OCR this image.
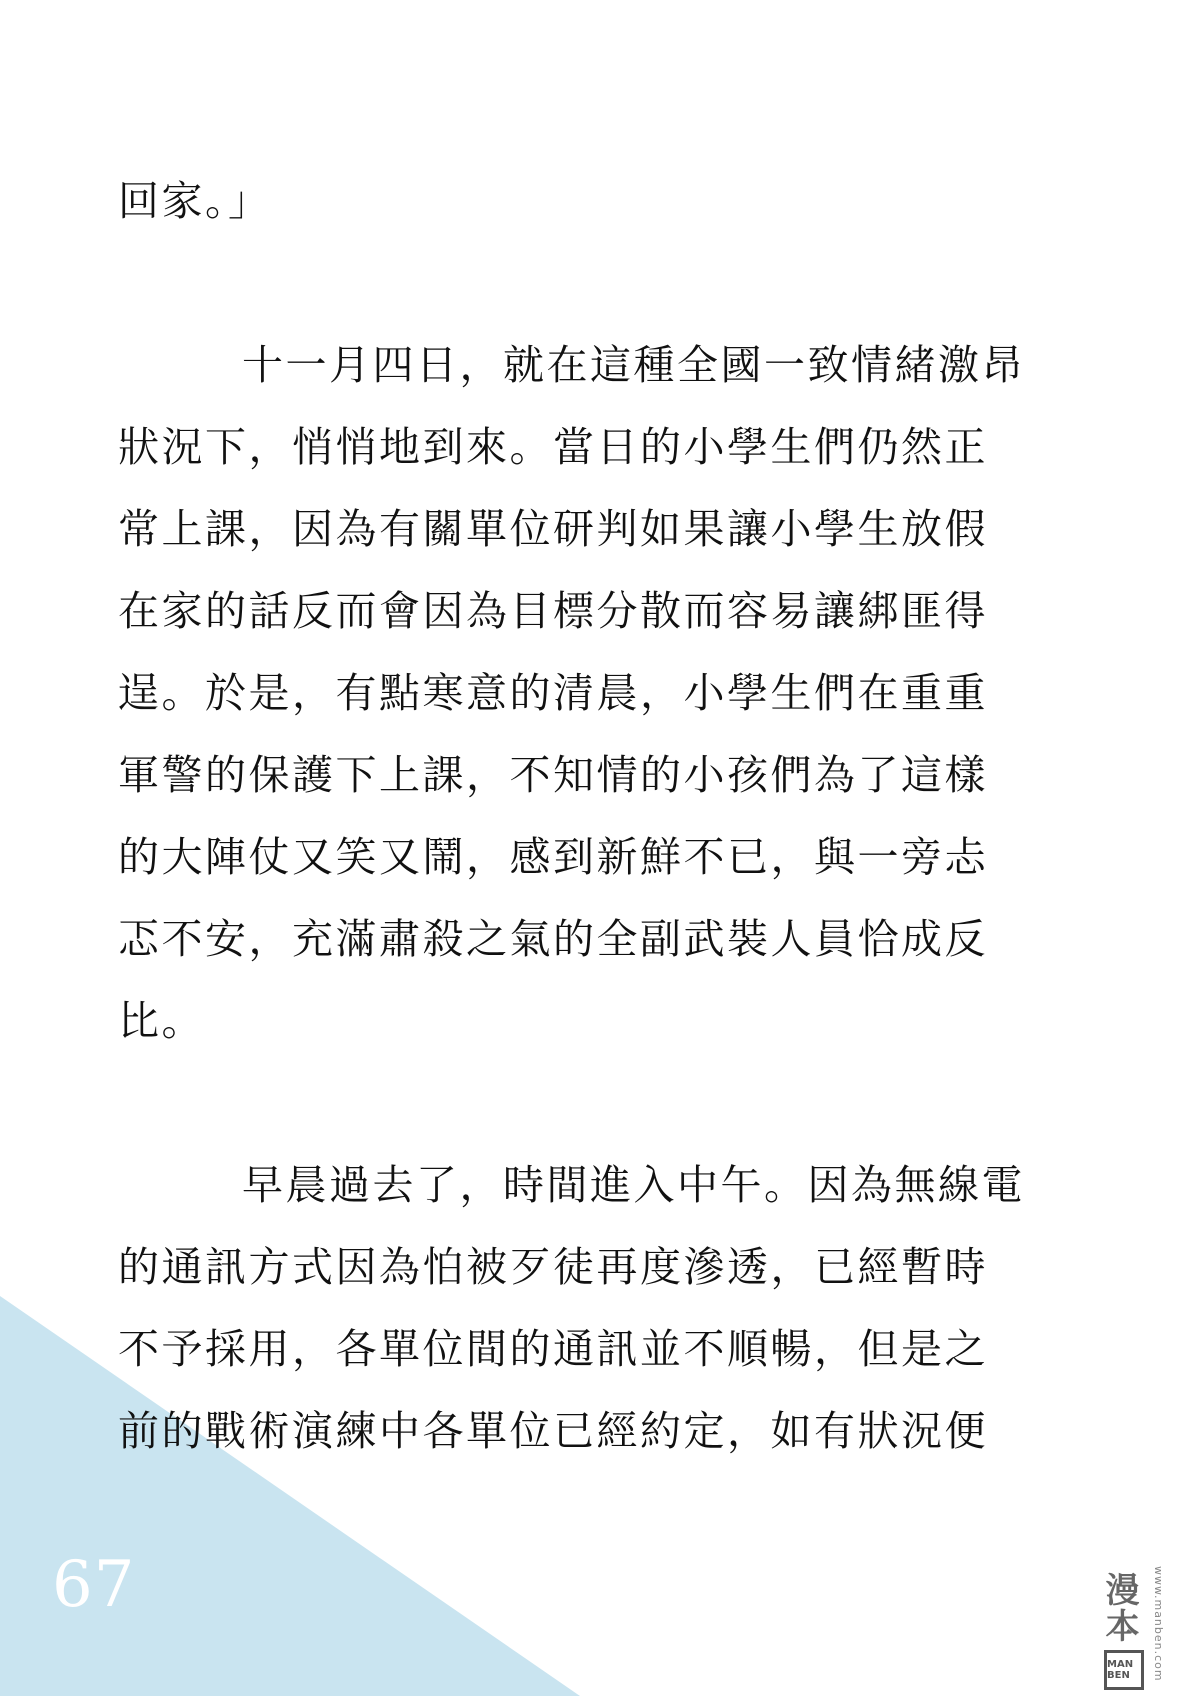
67
回家。」
十一月四日，就在這種全國一致情緒激昂
狀況下，悄悄地到來。當日的小學生們仍然正
常上課，因為有關單位研判如果讓小學生放假
在家的話反而會因為目標分散而容易讓綁匪得
逞。於是，有點寒意的清晨，小學生們在重重
軍警的保護下上課，不知情的小孩們為了這樣
的大陣仗又笑又鬧，感到新鮮不已，與一旁忐
忑不安，充滿肅殺之氣的全副武裝人員恰成反
比。
早晨過去了，時間進入中午。因為無線電
的通訊方式因為怕被歹徒再度滲透，已經暫時
不予採用，各單位間的通訊並不順暢，但是之
前的戰術演練中各單位已經約定，如有狀況便
漫本
MAN BEN	www.manben.com
